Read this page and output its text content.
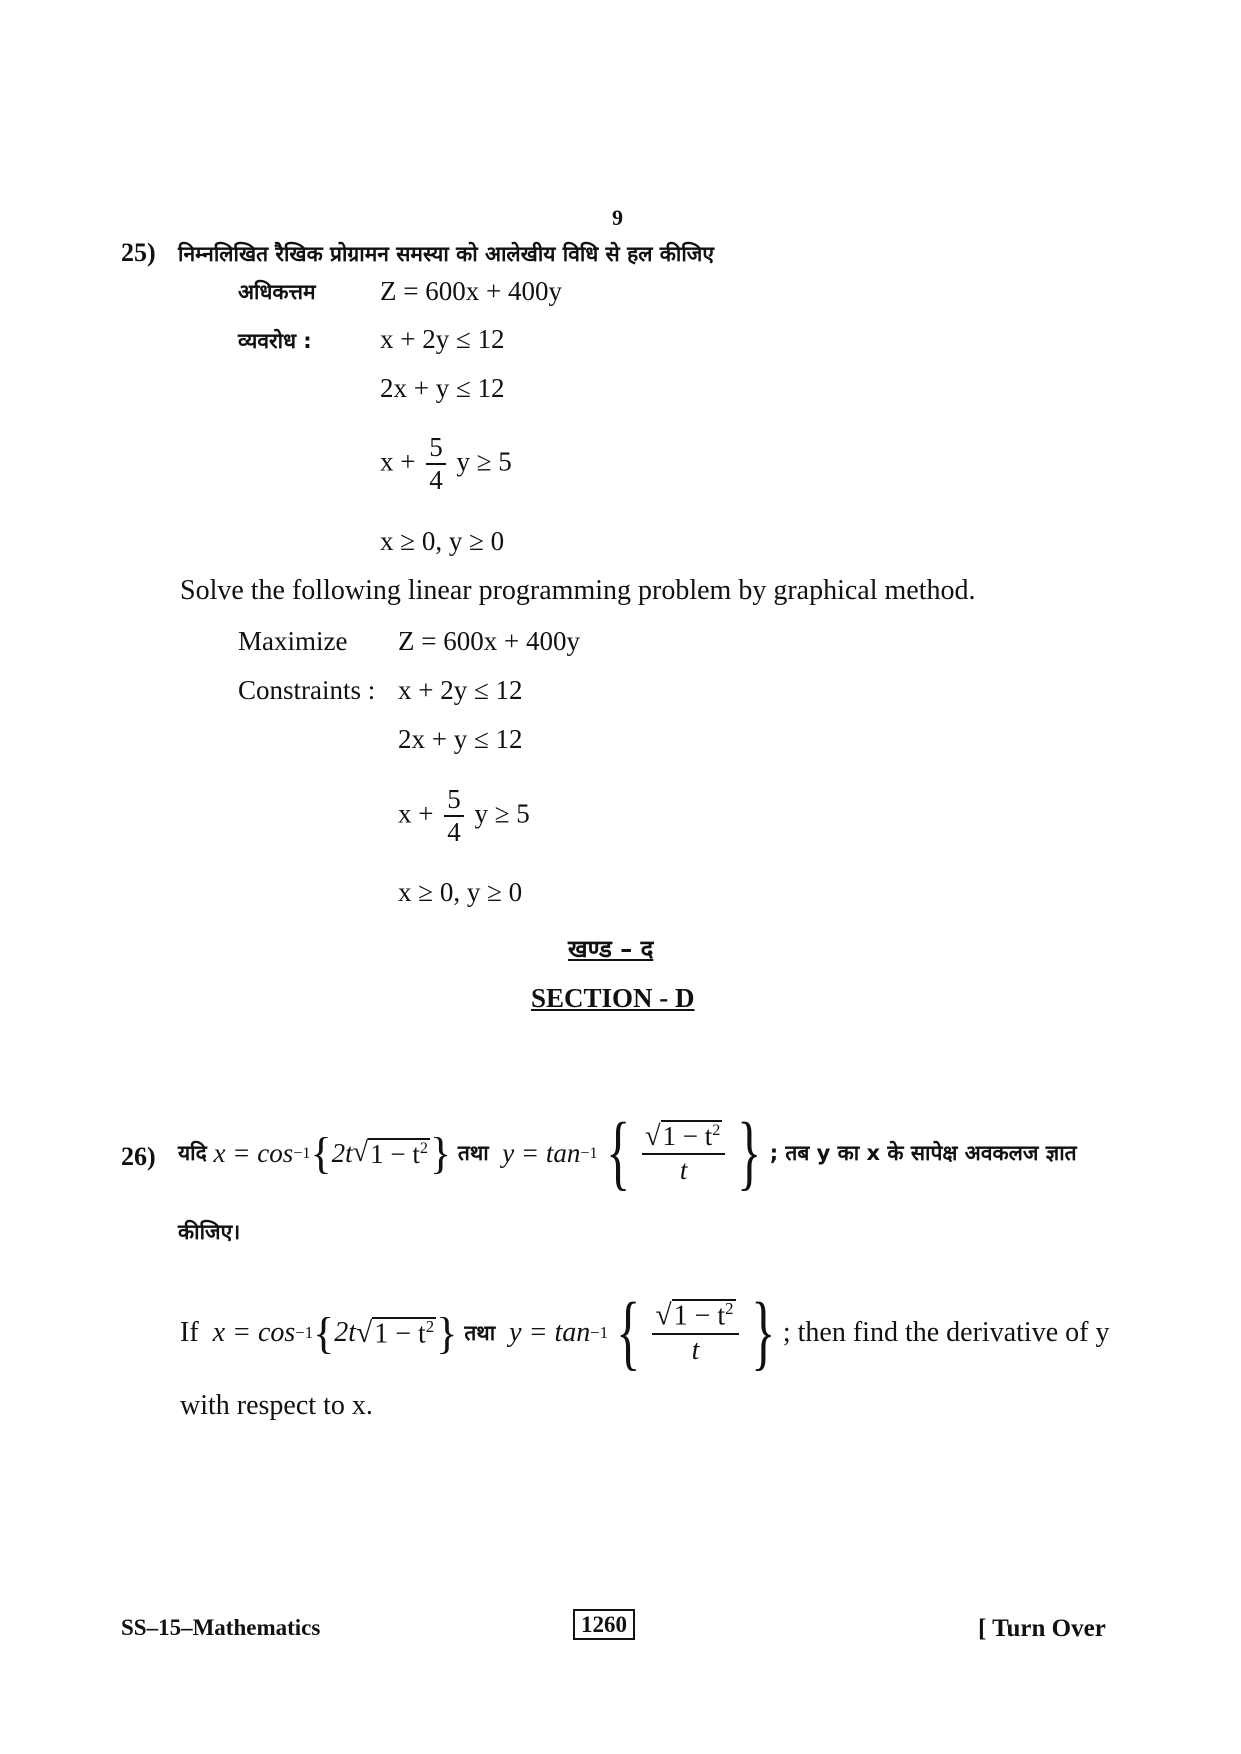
9
25) निम्नलिखित रैखिक प्रोग्रामन समस्या को आलेखीय विधि से हल कीजिए
अधिकत्तम Z = 600x + 400y
व्यवरोध :	x + 2y ≤ 12
2x + y ≤ 12
$x + \frac{5}{4}$ y ≥ 5
x ≥ 0, y ≥ 0
Solve the following linear programming problem by graphical method.
Maximize Z = 600x + 400y
Constraints : x + 2y ≤ 12
2x + y ≤ 12
$x + \frac{5}{4}$ y ≥ 5
x ≥ 0, y ≥ 0
खण्ड – द
SECTION - D
26) यदि
x = cos −1 { 2t √ $1 - t^2$ }
तथा
y = tan −1 { $\frac{√1 - t^2}{t}$ } ; तब y का x के सापेक्ष अवकलज ज्ञात
कीजिए।
If
x = cos −1 { 2t √ $1 - t^2$ }
तथा
y = tan −1 { $\frac{√1 - t^2}{t}$ } ; then find the derivative of y
with respect to x.
SS–15–Mathematics	1260	[ Turn Over
